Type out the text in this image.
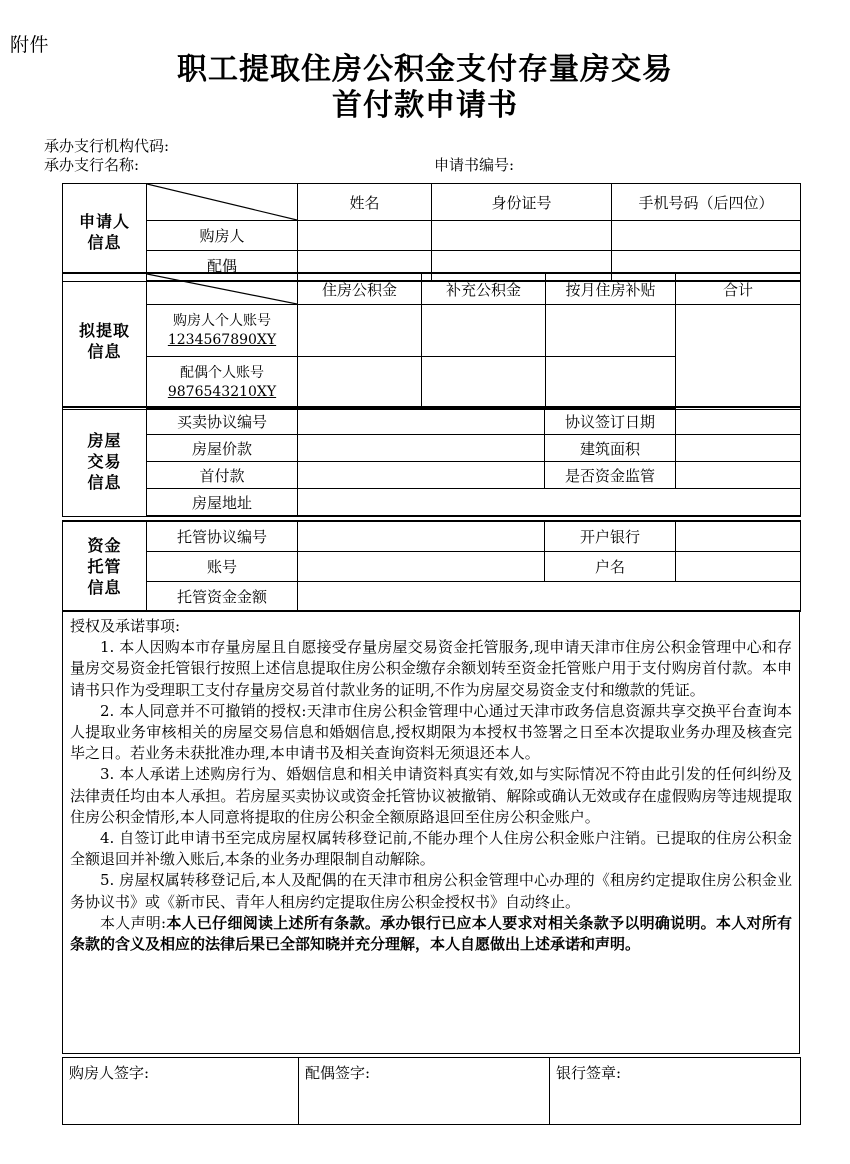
附件
职工提取住房公积金支付存量房交易
首付款申请书
承办支行机构代码:
承办支行名称:	申请书编号:
申请人
信息		姓名	身份证号	手机号码（后四位）
	购房人			
	配偶			
拟提取
信息		住房公积金	补充公积金	按月住房补贴	合计
	购房人个人账号
1234567890XY				

	配偶个人账号
9876543210XY				

房屋
交易
信息	买卖协议编号		协议签订日期	
	房屋价款		建筑面积	
	首付款		是否资金监管	
	房屋地址			
资金
托管
信息	托管协议编号		开户银行	
	账号		户名	
	托管资金金额			

授权及承诺事项:

1. 本人因购本市存量房屋且自愿接受存量房屋交易资金托管服务,现申请天津市住房公积金管理中心和存量房交易资金托管银行按照上述信息提取住房公积金缴存余额划转至资金托管账户用于支付购房首付款。本申请书只作为受理职工支付存量房交易首付款业务的证明,不作为房屋交易资金支付和缴款的凭证。

2. 本人同意并不可撤销的授权:天津市住房公积金管理中心通过天津市政务信息资源共享交换平台查询本人提取业务审核相关的房屋交易信息和婚姻信息,授权期限为本授权书签署之日至本次提取业务办理及核查完毕之日。若业务未获批准办理,本申请书及相关查询资料无须退还本人。

3. 本人承诺上述购房行为、婚姻信息和相关申请资料真实有效,如与实际情况不符由此引发的任何纠纷及法律责任均由本人承担。若房屋买卖协议或资金托管协议被撤销、解除或确认无效或存在虚假购房等违规提取住房公积金情形,本人同意将提取的住房公积金全额原路退回至住房公积金账户。

4. 自签订此申请书至完成房屋权属转移登记前,不能办理个人住房公积金账户注销。已提取的住房公积金全额退回并补缴入账后,本条的业务办理限制自动解除。

5. 房屋权属转移登记后,本人及配偶的在天津市租房公积金管理中心办理的《租房约定提取住房公积金业务协议书》或《新市民、青年人租房约定提取住房公积金授权书》自动终止。

本人声明:本人已仔细阅读上述所有条款。承办银行已应本人要求对相关条款予以明确说明。本人对所有条款的含义及相应的法律后果已全部知晓并充分理解，本人自愿做出上述承诺和声明。

购房人签字:	配偶签字:	银行签章:
